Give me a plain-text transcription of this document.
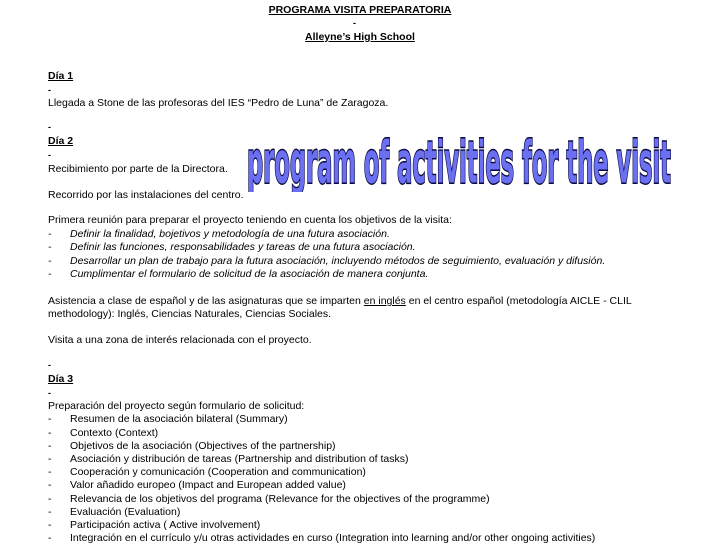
PROGRAMA VISITA PREPARATORIA
-
Alleyne’s High School
Día 1
-
Llegada a Stone de las profesoras del IES “Pedro de Luna” de Zaragoza.
-
Día 2
-
Recibimiento por parte de la Directora.
Recorrido por las instalaciones del centro.
Primera reunión para preparar el proyecto teniendo en cuenta los objetivos de la visita:
- Definir la finalidad, bojetivos y metodología de una futura asociación.
- Definir las funciones, responsabilidades y tareas de una futura asociación.
- Desarrollar un plan de trabajo para la futura asociación, incluyendo métodos de seguimiento, evaluación y difusión.
- Cumplimentar el formulario de solicitud de la asociación de manera conjunta.
Asistencia a clase de español y de las asignaturas que se imparten en inglés en el centro español (metodología AICLE - CLIL
methodology): Inglés, Ciencias Naturales, Ciencias Sociales.
Visita a una zona de interés relacionada con el proyecto.
-
Día 3
-
Preparación del proyecto según formulario de solicitud:
- Resumen de la asociación bilateral (Summary)
- Contexto (Context)
- Objetivos de la asociación (Objectives of the partnership)
- Asociación y distribución de tareas (Partnership and distribution of tasks)
- Cooperación y comunicación (Cooperation and communication)
- Valor añadido europeo (Impact and European added value)
- Relevancia de los objetivos del programa (Relevance for the objectives of the programme)
- Evaluación (Evaluation)
- Participación activa ( Active involvement)
- Integración en el currículo y/u otras actividades en curso (Integration into learning and/or other ongoing activities)
program of activities for the visit
